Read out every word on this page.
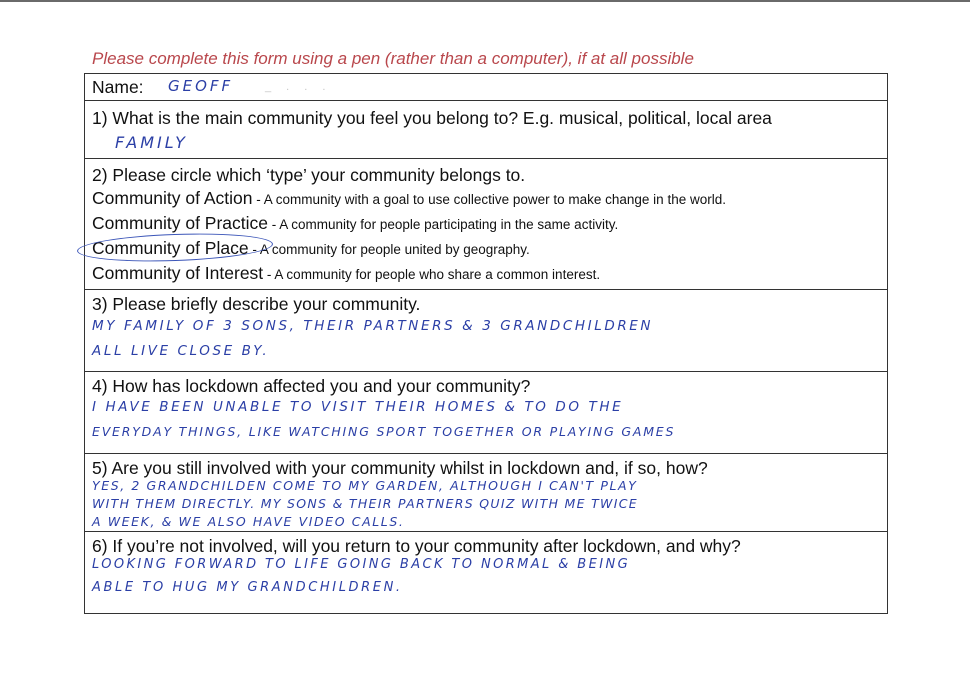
Please complete this form using a pen (rather than a computer), if at all possible
Name: GEOFF	_ . . .
1) What is the main community you feel you belong to? E.g. musical, political, local area
FAMILY
2) Please circle which ‘type’ your community belongs to.
Community of Action - A community with a goal to use collective power to make change in the world.
Community of Practice - A community for people participating in the same activity.
Community of Place - A community for people united by geography.
Community of Interest - A community for people who share a common interest.
3) Please briefly describe your community.
MY FAMILY OF 3 SONS, THEIR PARTNERS & 3 GRANDCHILDREN
ALL LIVE CLOSE BY.
4) How has lockdown affected you and your community?
I HAVE BEEN UNABLE TO VISIT THEIR HOMES & TO DO THE
EVERYDAY THINGS, LIKE WATCHING SPORT TOGETHER OR PLAYING GAMES
5) Are you still involved with your community whilst in lockdown and, if so, how?
YES, 2 GRANDCHILDEN COME TO MY GARDEN, ALTHOUGH I CAN'T PLAY
WITH THEM DIRECTLY. MY SONS & THEIR PARTNERS QUIZ WITH ME TWICE
A WEEK, & WE ALSO HAVE VIDEO CALLS.
6) If you’re not involved, will you return to your community after lockdown, and why?
LOOKING FORWARD TO LIFE GOING BACK TO NORMAL & BEING
ABLE TO HUG MY GRANDCHILDREN.
